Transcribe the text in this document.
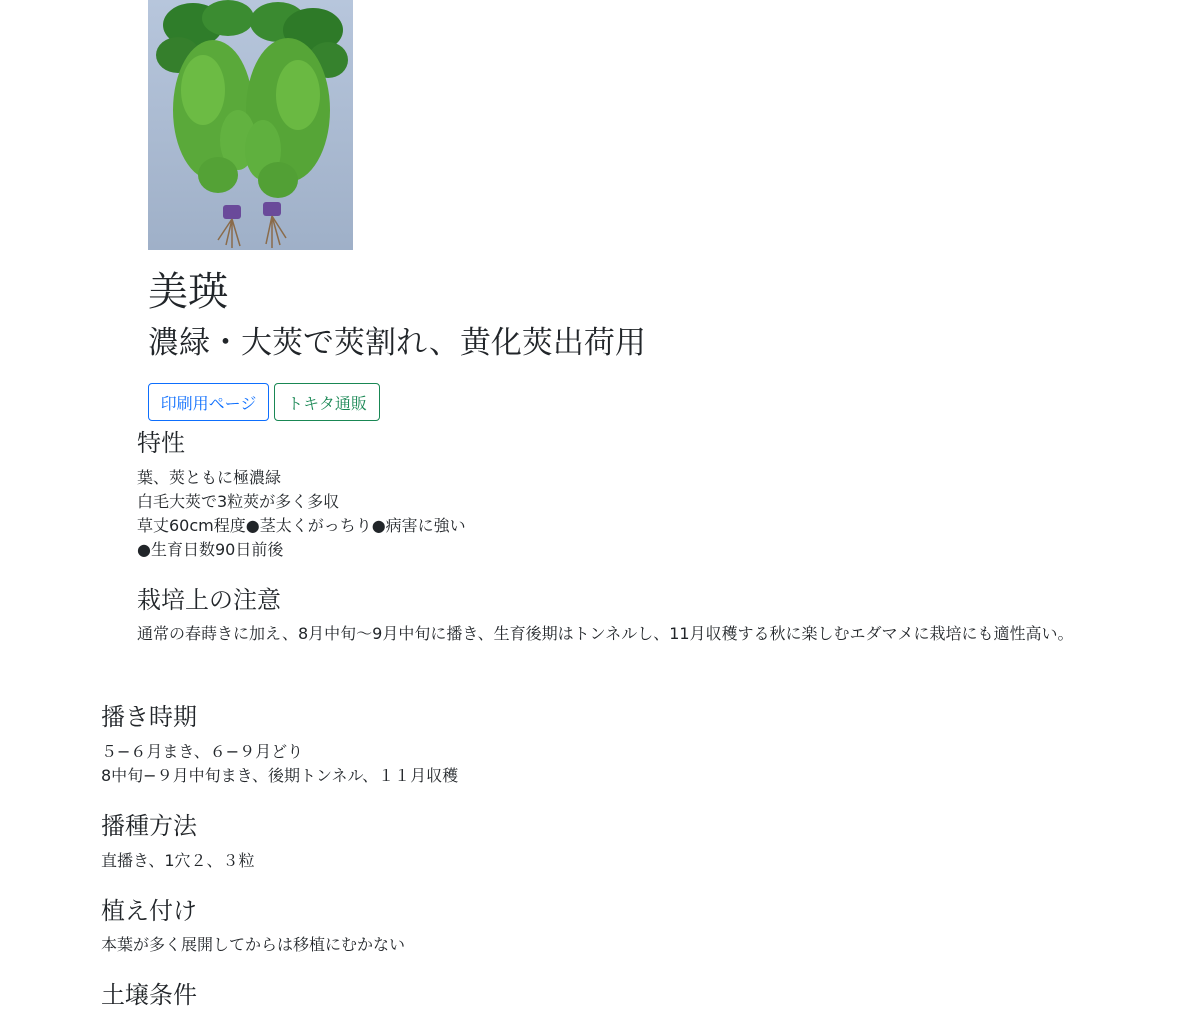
美瑛
濃緑・大莢で莢割れ、黄化莢出荷用
印刷用ページ	トキタ通販
特性

葉、莢ともに極濃緑

白毛大莢で3粒莢が多く多収

草丈60cm程度●茎太くがっちり●病害に強い

●生育日数90日前後

栽培上の注意

通常の春蒔きに加え、8月中旬〜9月中旬に播き、生育後期はトンネルし、11月収穫する秋に楽しむエダマメに栽培にも適性高い。

播き時期

５−６月まき、６−９月どり

8中旬−９月中旬まき、後期トンネル、１１月収穫

播種方法

直播き、1穴２、３粒

植え付け

本葉が多く展開してからは移植にむかない

土壌条件
